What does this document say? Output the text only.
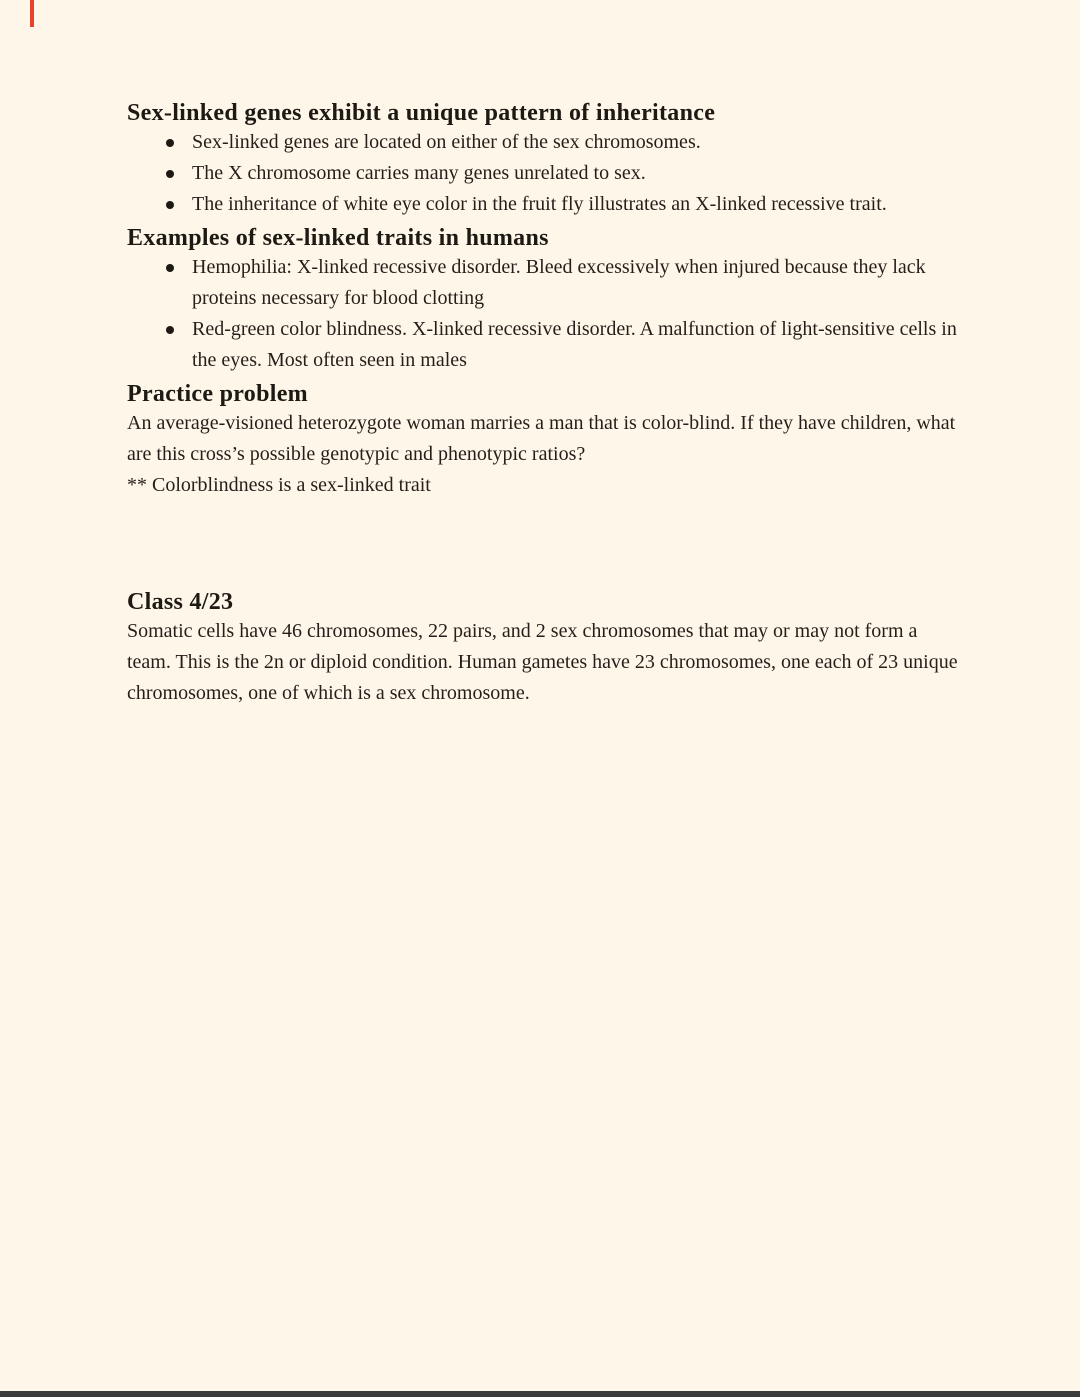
Sex-linked genes exhibit a unique pattern of inheritance
Sex-linked genes are located on either of the sex chromosomes.
The X chromosome carries many genes unrelated to sex.
The inheritance of white eye color in the fruit fly illustrates an X-linked recessive trait.
Examples of sex-linked traits in humans
Hemophilia: X-linked recessive disorder. Bleed excessively when injured because they lack proteins necessary for blood clotting
Red-green color blindness. X-linked recessive disorder. A malfunction of light-sensitive cells in the eyes. Most often seen in males
Practice problem

An average-visioned heterozygote woman marries a man that is color-blind. If they have children, what are this cross’s possible genotypic and phenotypic ratios?

** Colorblindness is a sex-linked trait

Class 4/23

Somatic cells have 46 chromosomes, 22 pairs, and 2 sex chromosomes that may or may not form a team. This is the 2n or diploid condition. Human gametes have 23 chromosomes, one each of 23 unique chromosomes, one of which is a sex chromosome.
